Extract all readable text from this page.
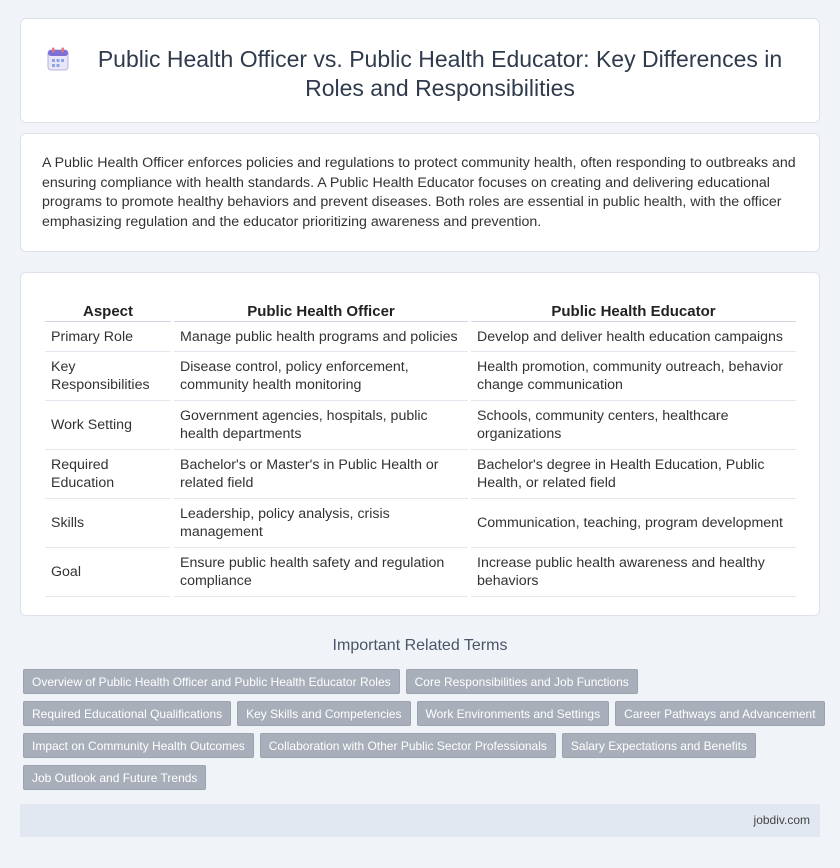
Public Health Officer vs. Public Health Educator: Key Differences in Roles and Responsibilities

A Public Health Officer enforces policies and regulations to protect community health, often responding to outbreaks and ensuring compliance with health standards. A Public Health Educator focuses on creating and delivering educational programs to promote healthy behaviors and prevent diseases. Both roles are essential in public health, with the officer emphasizing regulation and the educator prioritizing awareness and prevention.

Aspect	Public Health Officer	Public Health Educator
Primary Role	Manage public health programs and policies	Develop and deliver health education campaigns
Key Responsibilities	Disease control, policy enforcement, community health monitoring	Health promotion, community outreach, behavior change communication
Work Setting	Government agencies, hospitals, public health departments	Schools, community centers, healthcare organizations
Required Education	Bachelor's or Master's in Public Health or related field	Bachelor's degree in Health Education, Public Health, or related field
Skills	Leadership, policy analysis, crisis management	Communication, teaching, program development
Goal	Ensure public health safety and regulation compliance	Increase public health awareness and healthy behaviors
Important Related Terms
Overview of Public Health Officer and Public Health Educator Roles Core Responsibilities and Job Functions
Required Educational Qualifications Key Skills and Competencies Work Environments and Settings Career Pathways and Advancement
Impact on Community Health Outcomes Collaboration with Other Public Sector Professionals Salary Expectations and Benefits
Job Outlook and Future Trends
jobdiv.com
